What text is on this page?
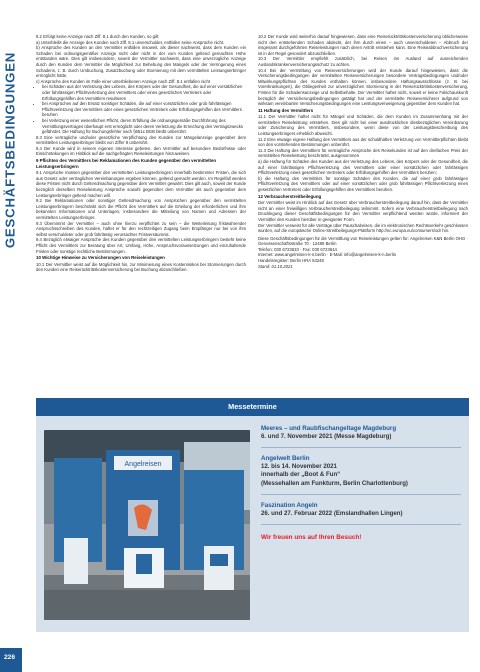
GESCHÄFTSBEDINGUNGEN

8.2 Erfolgt keine Anzeige nach Ziff. 8.1 durch den Kunden, so gilt:

a) Unterbleibt die Anzeige des Kunden nach Ziff. 8.1 unverschuldet, entfallen seine Ansprüche nicht.

b) Ansprüche des Kunden an den Vermittler entfallen insoweit, als dieser nachweist, dass dem Kunden ein Schaden bei ordnungsgemäßer Anzeige nicht oder nicht in der vom Kunden geltend gemachten Höhe entstanden wäre. Dies gilt insbesondere, soweit der Vermittler nachweist, dass eine unverzügliche Anzeige durch den Kunden dem Vermittler die Möglichkeit zur Behebung des Mangels oder der Verringerung eines Schadens, z. B. durch Umbuchung, Zusatzbuchung oder Stornierung mit dem vermittelten Leistungserbringer ermöglicht hätte.

c) Ansprüche des Kunden im Falle einer unterbliebenen Anzeige nach Ziff. 8.1 entfallen nicht

• bei Schäden aus der Verletzung des Lebens, des Körpers oder der Gesundheit, die auf einer vorsätzlichen oder fahrlässigen Pflichtverletzung des Vermittlers oder eines gesetzlichen Vertreters oder Erfüllungsgehilfen des Vermittlers resultieren
• bei Ansprüchen auf den Ersatz sonstiger Schäden, die auf einer vorsätzlichen oder grob fahrlässigen Pflichtverletzung des Vermittlers oder eines gesetzlichen Vertreters oder Erfüllungsgehilfen des Vermittlers beruhen
• bei Verletzung einer wesentlichen Pflicht, deren Erfüllung die ordnungsgemäße Durchführung des Vermittlungsvertrages überhaupt erst ermöglicht oder deren Verletzung die Erreichung des Vertragszwecks gefährdet. Die Haftung für Buchungsfehler nach §651x BGB bleibt unberührt.

8.3 Eine vertragliche und/oder gesetzliche Verpflichtung des Kunden zur Mängelanzeige gegenüber dem vermittelten Leistungserbringer bleibt von Ziffer 8 unberührt.

8.4 Der Kunde wird in seinem eigenen Interesse gebeten, den Vermittler auf besondere Bedürfnisse oder Einschränkungen im Hinblick auf die nachgefragten Reiseleistungen hinzuweisen.

9 Pflichten des Vermittlers bei Reklamationen des Kunden gegenüber den vermittelten Leistungserbringern

9.1 Ansprüche müssen gegenüber den vermittelten Leistungserbringern innerhalb bestimmter Fristen, die sich aus Gesetz oder vertraglichen Vereinbarungen ergeben können, geltend gemacht werden. Im Regelfall werden diese Fristen nicht durch Geltendmachung gegenüber dem Vermittler gewahrt. Dies gilt auch, soweit der Kunde bezüglich derselben Reiseleistung Ansprüche sowohl gegenüber dem Vermittler als auch gegenüber dem Leistungserbringer geltend machen will.

9.2 Bei Reklamationen oder sonstiger Geltendmachung von Ansprüchen gegenüber den vermittelten Leistungserbringern beschränkt sich die Pflicht des Vermittlers auf die Erteilung der erforderlichen und ihm bekannten Informationen und Unterlagen, insbesondere die Mitteilung von Namen und Adressen der vermittelten Leistungserbringer.

9.3 Übernimmt der Vermittler – auch ohne hierzu verpflichtet zu sein – die Weiterleitung fristwahrender Anspruchsschreiben des Kunden, haftet er für den rechtzeitigen Zugang beim Empfänger nur bei von ihm selbst verschuldeter oder grob fahrlässig verursachter Fristversäumnis.

9.4 Bezüglich etwaiger Ansprüche des Kunden gegenüber den vermittelten Leistungserbringern besteht keine Pflicht des Vermittlers zur Beratung über Art, Umfang, Höhe, Anspruchsvoraussetzungen und einzuhaltende Fristen oder sonstige rechtliche Bestimmungen.

10 Wichtige Hinweise zu Versicherungen von Reiseleistungen

10.1 Der Vermittler weist auf die Möglichkeit hin, zur Minimierung eines Kostenrisikos bei Stornierungen durch den Kunden eine Reiserücktrittskostenversicherung bei Buchung abzuschließen.

10.2 Der Kunde wird weiterhin darauf hingewiesen, dass eine Reiserücktrittskostenversicherung üblicherweise nicht den entstehenden Schaden abdeckt, der ihm durch einen – auch unverschuldeten – Abbruch der insgesamt durchgeführten Reiseleistungen nach deren Antritt entstehen kann. Eine Reiseabbruchversicherung ist in der Regel gesondert abzuschließen.

10.3 Der Vermittler empfiehlt zusätzlich, bei Reisen ins Ausland auf ausreichenden Auslandskrankenversicherungsschutz zu achten.

10.4 Bei der Vermittlung von Reiseversicherungen wird der Kunde darauf hingewiesen, dass die Versicherungsbedingungen der vermittelten Reiseversicherungen besondere Vertragsbedingungen und/oder Mitwirkungspflichten des Kunden enthalten können, insbesondere Haftungsausschlüsse (z. B. bei Vorerkrankungen), die Obliegenheit zur unverzüglichen Stornierung in der Reiserücktrittskostenversicherung, Fristen für die Schadensanzeige und Selbstbehalte. Der Vermittler haftet nicht, soweit er keine Falschauskunft bezüglich der Versicherungsbedingungen getätigt hat und der vermittelte Reiseversicherer aufgrund von wirksam vereinbarten Versicherungsbedingungen eine Leistungsverweigerung gegenüber dem Kunden hat.

11 Haftung des Vermittlers

11.1 Der Vermittler haftet nicht für Mängel und Schäden, die dem Kunden im Zusammenhang mit der vermittelten Reiseleistung entstehen. Dies gilt nicht bei einer ausdrücklichen diesbezüglichen Vereinbarung oder Zusicherung des Vermittlers, insbesondere, wenn diese von der Leistungsbeschreibung des Leistungserbringers erheblich abweicht.

11.2 Eine etwaige eigene Haftung des Vermittlers aus der schuldhaften Verletzung von Vermittlerpflichten bleibt von den vorstehenden Bestimmungen unberührt.

11.3 Die Haftung des Vermittlers für vertragliche Ansprüche des Reisekunden ist auf den dreifachen Preis der vermittelten Reiseleistung beschränkt, ausgenommen

a) die Haftung für Schäden des Kunden aus der Verletzung des Lebens, des Körpers oder der Gesundheit, die auf einer fahrlässigen Pflichtverletzung des Vermittlers oder einer vorsätzlichen oder fahrlässigen Pflichtverletzung eines gesetzlichen Vertreters oder Erfüllungsgehilfen des Vermittlers beruhen;

b) die Haftung des Vermittlers für sonstige Schäden des Kunden, die auf einer grob fahrlässigen Pflichtverletzung des Vermittlers oder auf einer vorsätzlichen oder grob fahrlässigen Pflichtverletzung eines gesetzlichen Vertreters oder Erfüllungsgehilfen des Vermittlers beruhen.

12 Verbraucherstreitbeilegung

Der Vermittler weist im Hinblick auf das Gesetz über Verbraucherstreitbeilegung darauf hin, dass der Vermittler nicht an einer freiwilligen Verbraucherstreitbeilegung teilnimmt. Sofern eine Verbraucherstreitbeilegung nach Drucklegung dieser Geschäftsbedingungen für den Vermittler verpflichtend werden würde, informiert der Vermittler den Kunden hierüber in geeigneter Form.

Der Vermittler verweist für alle Verträge über Pauschalreisen, die im elektronischen Rechtsverkehr geschlossen wurden, auf die europäische Online-Streitbeilegungs-Plattform http://ec.europa.eu/consumers/odr hin.

Diese Geschäftsbedingungen für die Vermittlung von Reiseleistungen gelten für: Angelreisen K&N Berlin OHG · Genossenschaftsstraße 70 · 12489 Berlin

Telefon: 030 6723633 · Fax: 030 6723644

Internet: www.angelreisen-k-n.berlin · E-Mail: info@angelreisen-k-n.berlin

Handelsregister: Berlin HRA 53248

Stand: 01.10.2021

Messetermine
Angelreisen
Meeres – und Raubfischangeltage Magdeburg
6. und 7. November 2021 (Messe Magdeburg)
Angelwelt Berlin
12. bis 14. November 2021
innerhalb der „Boot & Fun“
(Messehallen am Funkturm, Berlin Charlottenburg)
Faszination Angeln
26. und 27. Februar 2022 (Emslandhallen Lingen)
Wir freuen uns auf Ihren Besuch!
226
